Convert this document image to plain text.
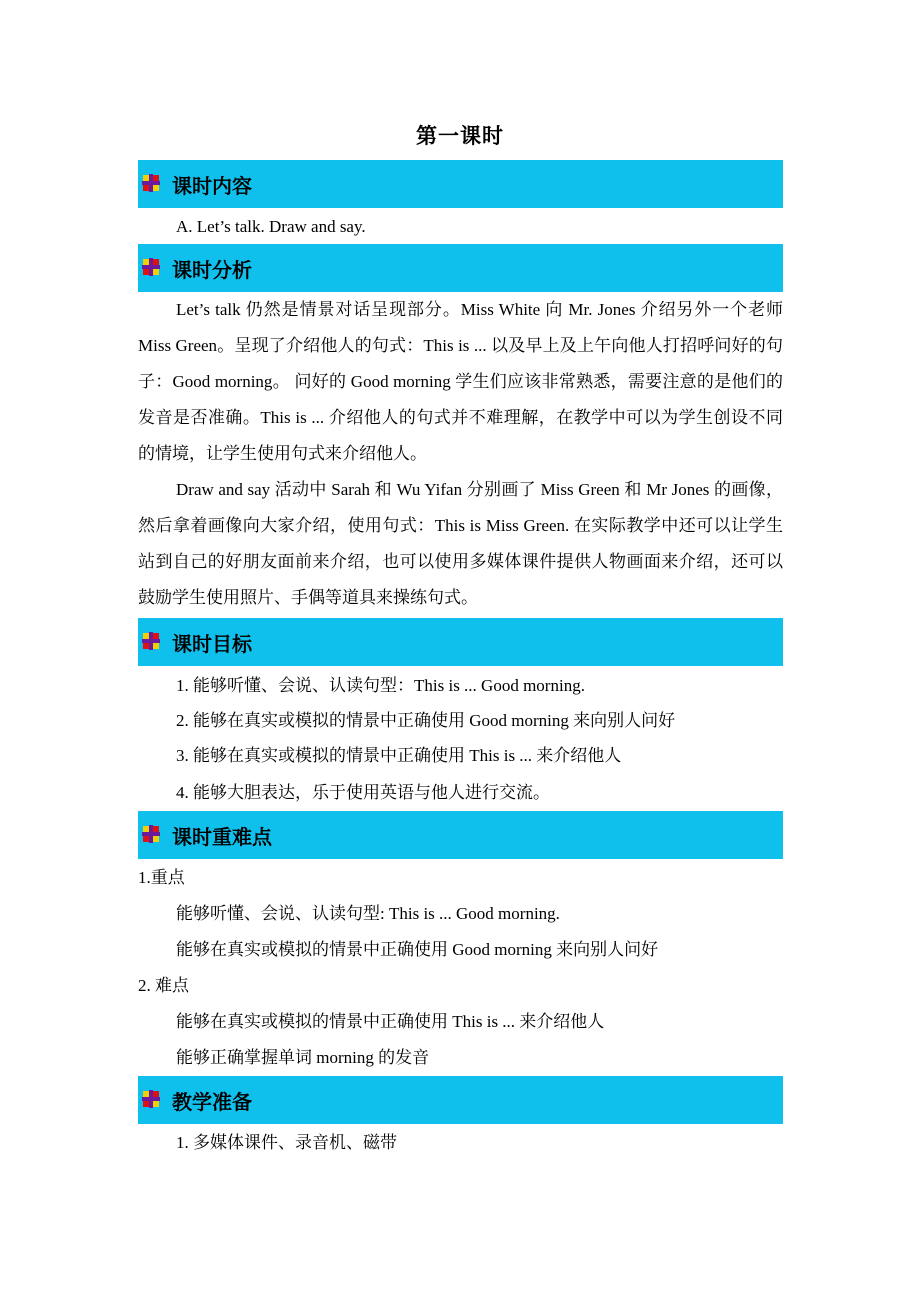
第一课时
课时内容
A. Let’s talk. Draw and say.
课时分析

Let’s talk 仍然是情景对话呈现部分。Miss White 向 Mr. Jones 介绍另外一个老师 Miss Green。呈现了介绍他人的句式：This is ... 以及早上及上午向他人打招呼问好的句子：Good morning。 问好的 Good morning 学生们应该非常熟悉，需要注意的是他们的发音是否准确。This is ... 介绍他人的句式并不难理解，在教学中可以为学生创设不同的情境，让学生使用句式来介绍他人。

Draw and say 活动中 Sarah 和 Wu Yifan 分别画了 Miss Green 和 Mr Jones 的画像，然后拿着画像向大家介绍，使用句式：This is Miss Green. 在实际教学中还可以让学生站到自己的好朋友面前来介绍，也可以使用多媒体课件提供人物画面来介绍，还可以鼓励学生使用照片、手偶等道具来操练句式。

课时目标
1. 能够听懂、会说、认读句型：This is ... Good morning.
2. 能够在真实或模拟的情景中正确使用 Good morning 来向别人问好
3. 能够在真实或模拟的情景中正确使用 This is ... 来介绍他人
4. 能够大胆表达，乐于使用英语与他人进行交流。
课时重难点
1.重点
能够听懂、会说、认读句型: This is ... Good morning.
能够在真实或模拟的情景中正确使用 Good morning 来向别人问好
2. 难点
能够在真实或模拟的情景中正确使用 This is ... 来介绍他人
能够正确掌握单词 morning 的发音
教学准备
1. 多媒体课件、录音机、磁带
